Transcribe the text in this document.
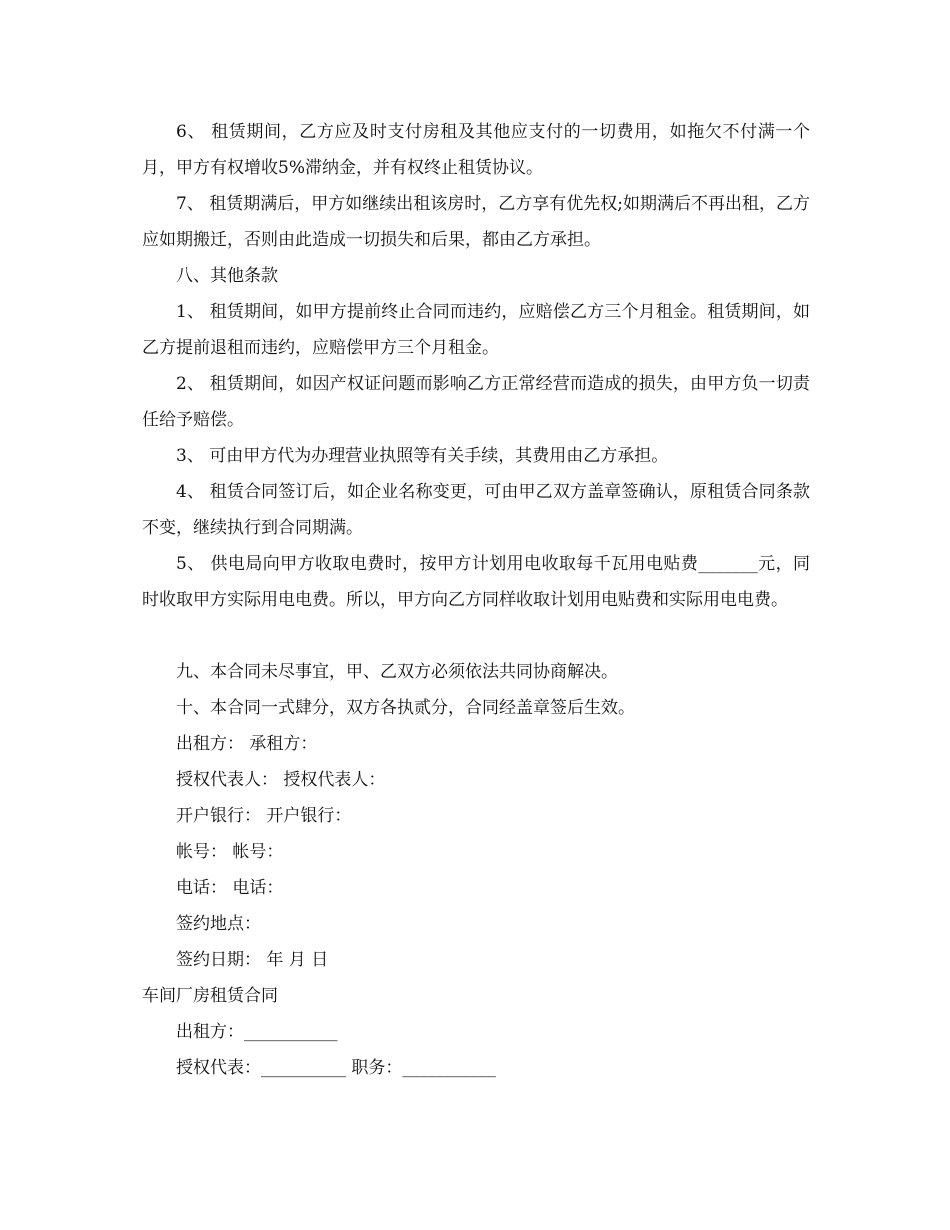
6、 租赁期间，乙方应及时支付房租及其他应支付的一切费用，如拖欠不付满一个月，甲方有权增收5%滞纳金，并有权终止租赁协议。

7、 租赁期满后，甲方如继续出租该房时，乙方享有优先权;如期满后不再出租，乙方应如期搬迁，否则由此造成一切损失和后果，都由乙方承担。

八、其他条款

1、 租赁期间，如甲方提前终止合同而违约，应赔偿乙方三个月租金。租赁期间，如乙方提前退租而违约，应赔偿甲方三个月租金。

2、 租赁期间，如因产权证问题而影响乙方正常经营而造成的损失，由甲方负一切责任给予赔偿。

3、 可由甲方代为办理营业执照等有关手续，其费用由乙方承担。

4、 租赁合同签订后，如企业名称变更，可由甲乙双方盖章签确认，原租赁合同条款不变，继续执行到合同期满。

5、 供电局向甲方收取电费时，按甲方计划用电收取每千瓦用电贴费_______元，同时收取甲方实际用电电费。所以，甲方向乙方同样收取计划用电贴费和实际用电电费。

九、本合同未尽事宜，甲、乙双方必须依法共同协商解决。

十、本合同一式肆分，双方各执贰分，合同经盖章签后生效。

出租方： 承租方：

授权代表人： 授权代表人：

开户银行： 开户银行：

帐号： 帐号：

电话： 电话：

签约地点：

签约日期： 年 月 日

车间厂房租赁合同

出租方：___________

授权代表：__________ 职务：___________
